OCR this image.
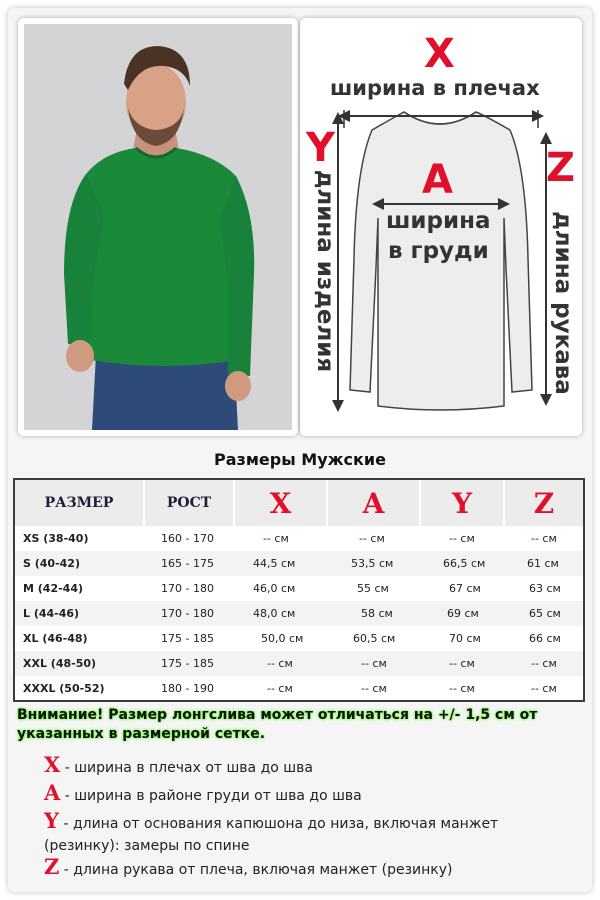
X
ширина в плечах
A
ширина
в груди
Y
длина изделия
Z
длина рукава
Размеры Мужские
РАЗМЕР	РОСТ X	A Y Z
XS (38-40)	160 - 170	-- см	-- см	-- см	-- см
S (40-42)	165 - 175	44,5 см	53,5 см	66,5 см	61 см
M (42-44)	170 - 180	46,0 см	55 см	67 см	63 см
L (44-46)	170 - 180	48,0 см	58 см	69 см	65 см
XL (46-48)	175 - 185	50,0 см	60,5 см	70 см	66 см
XXL (48-50)	175 - 185	-- см	-- см	-- см	-- см
XXXL (50-52)	180 - 190	-- см	-- см	-- см	-- см
Внимание! Размер лонгслива может отличаться на +/- 1,5 см от указанных в размерной сетке.
X - ширина в плечах от шва до шва
A - ширина в районе груди от шва до шва
Y - длина от основания капюшона до низа, включая манжет (резинку): замеры по спине
Z - длина рукава от плеча, включая манжет (резинку)
